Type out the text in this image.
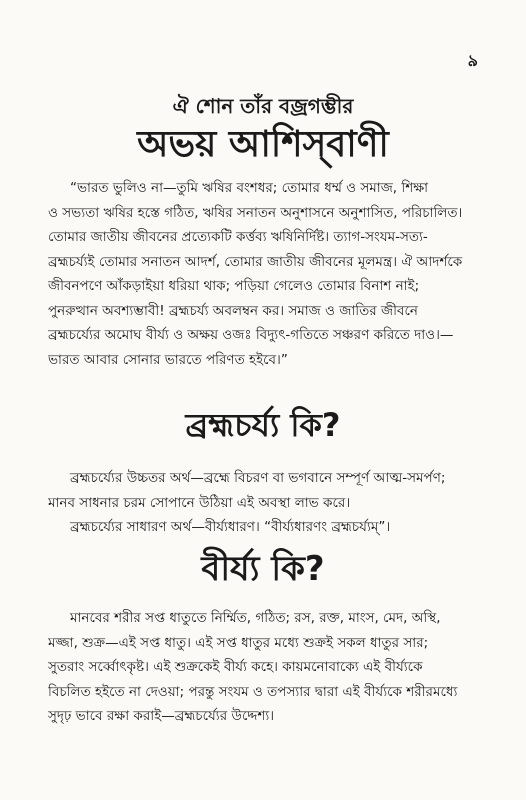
৯
ঐ শোন তাঁর বজ্রগম্ভীর
অভয় আশিস্‌বাণী
“ভারত ভুলিও না—তুমি ঋষির বংশধর; তোমার ধর্ম্ম ও সমাজ, শিক্ষা
ও সভ্যতা ঋষির হস্তে গঠিত, ঋষির সনাতন অনুশাসনে অনুশাসিত, পরিচালিত।
তোমার জাতীয় জীবনের প্রত্যেকটি কর্ত্তব্য ঋষিনির্দিষ্ট। ত্যাগ-সংযম-সত্য-
ব্রহ্মচর্য্যই তোমার সনাতন আদর্শ, তোমার জাতীয় জীবনের মূলমন্ত্র। ঐ আদর্শকে
জীবনপণে আঁকড়াইয়া ধরিয়া থাক; পড়িয়া গেলেও তোমার বিনাশ নাই;
পুনরুত্থান অবশ্যম্ভাবী! ব্রহ্মচর্য্য অবলম্বন কর। সমাজ ও জাতির জীবনে
ব্রহ্মচর্য্যের অমোঘ বীর্য্য ও অক্ষয় ওজঃ বিদ্যুৎ-গতিতে সঞ্চরণ করিতে দাও।—
ভারত আবার সোনার ভারতে পরিণত হইবে।”
ব্রহ্মচর্য্য কি?
ব্রহ্মচর্য্যের উচ্চতর অর্থ—ব্রহ্মে বিচরণ বা ভগবানে সম্পূর্ণ আত্ম-সমর্পণ;
মানব সাধনার চরম সোপানে উঠিয়া এই অবস্থা লাভ করে।
ব্রহ্মচর্য্যের সাধারণ অর্থ—বীর্য্যধারণ। “বীর্য্যধারণং ব্রহ্মচর্য্যম্”।
বীর্য্য কি?
মানবের শরীর সপ্ত ধাতুতে নির্ম্মিত, গঠিত; রস, রক্ত, মাংস, মেদ, অস্থি,
মজ্জা, শুক্র—এই সপ্ত ধাতু। এই সপ্ত ধাতুর মধ্যে শুক্রই সকল ধাতুর সার;
সুতরাং সর্ব্বোৎকৃষ্ট। এই শুক্রকেই বীর্য্য কহে। কায়মনোবাক্যে এই বীর্য্যকে
বিচলিত হইতে না দেওয়া; পরন্তু সংযম ও তপস্যার দ্বারা এই বীর্য্যকে শরীরমধ্যে
সুদৃঢ় ভাবে রক্ষা করাই—ব্রহ্মচর্য্যের উদ্দেশ্য।
